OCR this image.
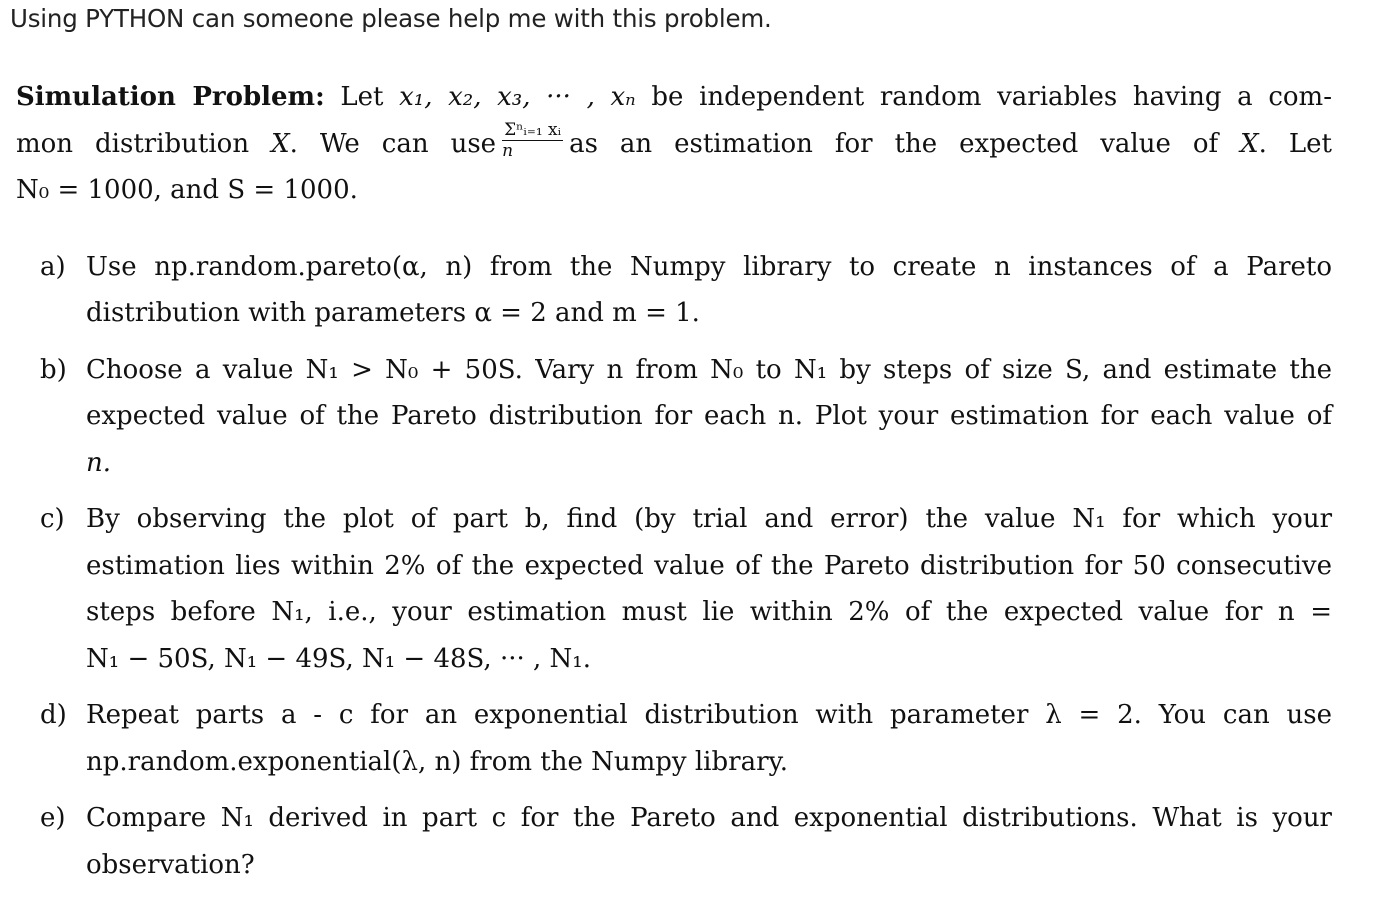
Using PYTHON can someone please help me with this problem.
Simulation Problem: Let x₁, x₂, x₃, ··· , xₙ be independent random variables having a com-
mon distribution X. We can use $\frac{\text{Σⁿᵢ₌₁ xᵢ}}{n}$ as an estimation for the expected value of X. Let
N₀ = 1000, and S = 1000.
a) Use np.random.pareto(α, n) from the Numpy library to create n instances of a Pareto
distribution with parameters α = 2 and m = 1.
b) Choose a value N₁ > N₀ + 50S. Vary n from N₀ to N₁ by steps of size S, and estimate the
expected value of the Pareto distribution for each n. Plot your estimation for each value of
n.
c) By observing the plot of part b, find (by trial and error) the value N₁ for which your
estimation lies within 2% of the expected value of the Pareto distribution for 50 consecutive
steps before N₁, i.e., your estimation must lie within 2% of the expected value for n =
N₁ − 50S, N₁ − 49S, N₁ − 48S, ··· , N₁.
d) Repeat parts a - c for an exponential distribution with parameter λ = 2. You can use
np.random.exponential(λ, n) from the Numpy library.
e) Compare N₁ derived in part c for the Pareto and exponential distributions. What is your
observation?
